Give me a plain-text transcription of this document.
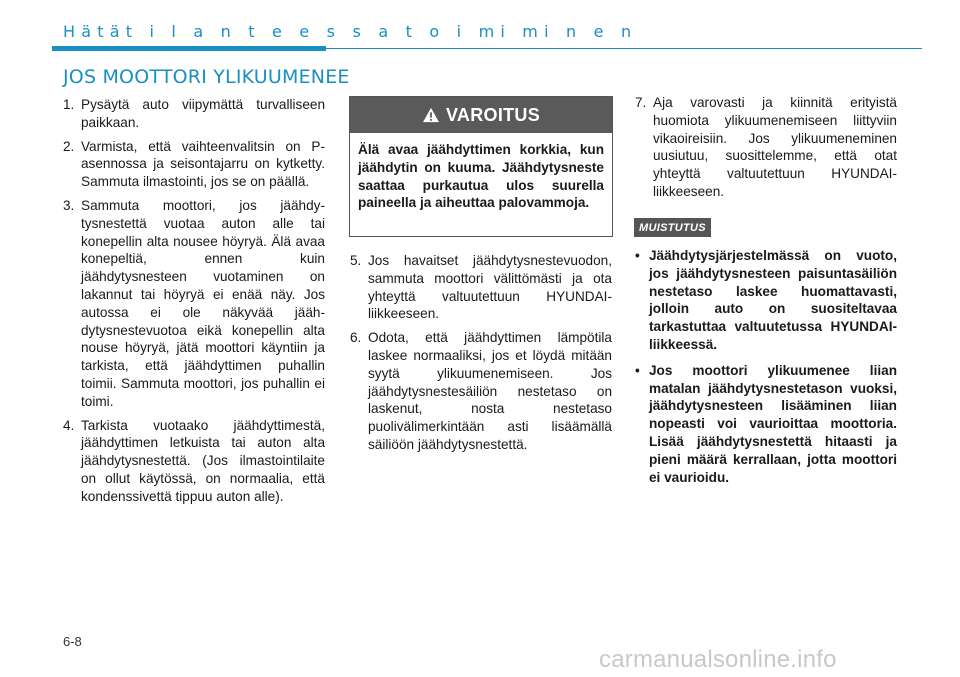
Hätät i l a n t e e s s a t o i mi mi n e n
JOS MOOTTORI YLIKUUMENEE
1. Pysäytä auto viipymättä turvalliseen paikkaan.
2. Varmista, että vaihteenvalitsin on P-asennossa ja seisontajarru on kytketty. Sammuta ilmastointi, jos se on päällä.
3. Sammuta moottori, jos jäähdytysnestettä vuotaa auton alle tai konepellin alta nousee höyryä. Älä avaa konepeltiä, ennen kuin jäähdytysnesteen vuotaminen on lakannut tai höyryä ei enää näy. Jos autossa ei ole näkyvää jäähdytysnestevuotoa eikä konepellin alta nouse höyryä, jätä moottori käyntiin ja tarkista, että jäähdyttimen puhallin toimii. Sammuta moottori, jos puhallin ei toimi.
4. Tarkista vuotaako jäähdyttimestä, jäähdyttimen letkuista tai auton alta jäähdytysnestettä. (Jos ilmastointilaite on ollut käytössä, on normaalia, että kondenssivettä tippuu auton alle).
VAROITUS
Älä avaa jäähdyttimen korkkia, kun jäähdytin on kuuma. Jäähdytysneste saattaa purkautua ulos suurella paineella ja aiheuttaa palovammoja.
5. Jos havaitset jäähdytysnestevuodon, sammuta moottori välittömästi ja ota yhteyttä valtuutettuun HYUNDAI-liikkeeseen.
6. Odota, että jäähdyttimen lämpötila laskee normaaliksi, jos et löydä mitään syytä ylikuumenemiseen. Jos jäähdytysnestesäiliön nestetaso on laskenut, nosta nestetaso puolivälimerkintään asti lisäämällä säiliöön jäähdytysnestettä.
7. Aja varovasti ja kiinnitä erityistä huomiota ylikuumenemiseen liittyviin vikaoireisiin. Jos ylikuumeneminen uusiutuu, suosittelemme, että otat yhteyttä valtuutettuun HYUNDAI-liikkeeseen.
MUISTUTUS
• Jäähdytysjärjestelmässä on vuoto, jos jäähdytysnesteen paisuntasäiliön nestetaso laskee huomattavasti, jolloin auto on suositeltavaa tarkastuttaa valtuutetussa HYUNDAI-liikkeessä.
• Jos moottori ylikuumenee liian matalan jäähdytysnestetason vuoksi, jäähdytysnesteen lisääminen liian nopeasti voi vaurioittaa moottoria. Lisää jäähdytysnestettä hitaasti ja pieni määrä kerrallaan, jotta moottori ei vaurioidu.
6-8
carmanualsonline.info
